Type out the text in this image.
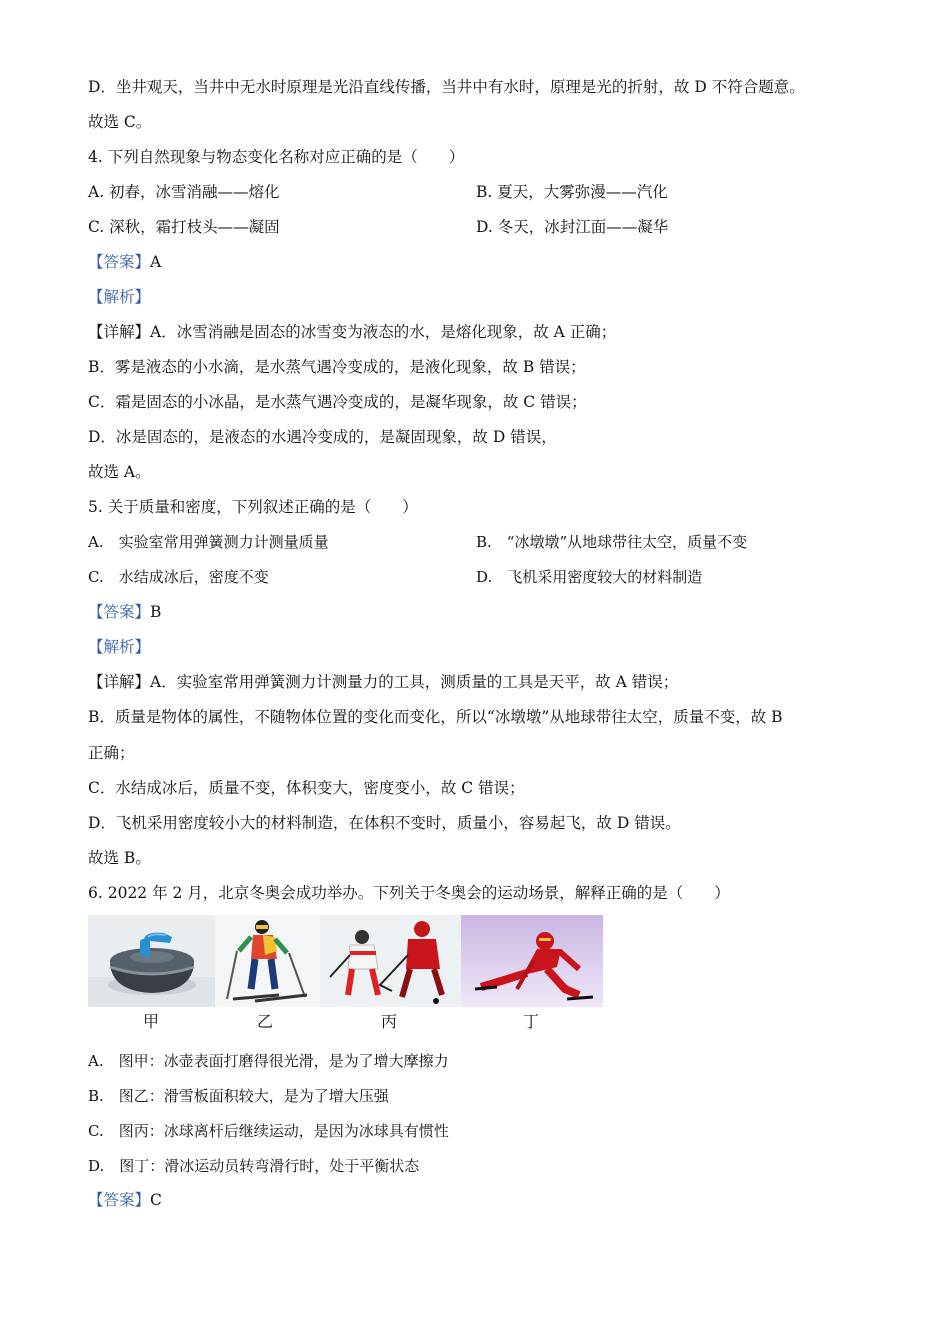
D．坐井观天，当井中无水时原理是光沿直线传播，当井中有水时，原理是光的折射，故 D 不符合题意。
故选 C。
4. 下列自然现象与物态变化名称对应正确的是（　　）
A. 初春，冰雪消融——熔化	B. 夏天，大雾弥漫——汽化
C. 深秋，霜打枝头——凝固	D. 冬天，冰封江面——凝华
【答案】A
【解析】
【详解】A．冰雪消融是固态的冰雪变为液态的水，是熔化现象，故 A 正确；
B．雾是液态的小水滴，是水蒸气遇冷变成的，是液化现象，故 B 错误；
C．霜是固态的小冰晶，是水蒸气遇冷变成的，是凝华现象，故 C 错误；
D．冰是固态的，是液态的水遇冷变成的，是凝固现象，故 D 错误，
故选 A。
5. 关于质量和密度，下列叙述正确的是（　　）
A.　实验室常用弹簧测力计测量质量	B.　“冰墩墩”从地球带往太空，质量不变
C.　水结成冰后，密度不变	D.　飞机采用密度较大的材料制造
【答案】B
【解析】
【详解】A．实验室常用弹簧测力计测量力的工具，测质量的工具是天平，故 A 错误；
B．质量是物体的属性，不随物体位置的变化而变化，所以“冰墩墩”从地球带往太空，质量不变，故 B
正确；
C．水结成冰后，质量不变，体积变大，密度变小，故 C 错误；
D．飞机采用密度较小大的材料制造，在体积不变时，质量小，容易起飞，故 D 错误。
故选 B。
6. 2022 年 2 月，北京冬奥会成功举办。下列关于冬奥会的运动场景，解释正确的是（　　）
甲	乙	丙	丁
A.　图甲：冰壶表面打磨得很光滑，是为了增大摩擦力
B.　图乙：滑雪板面积较大，是为了增大压强
C.　图丙：冰球离杆后继续运动，是因为冰球具有惯性
D.　图丁：滑冰运动员转弯滑行时，处于平衡状态
【答案】C
